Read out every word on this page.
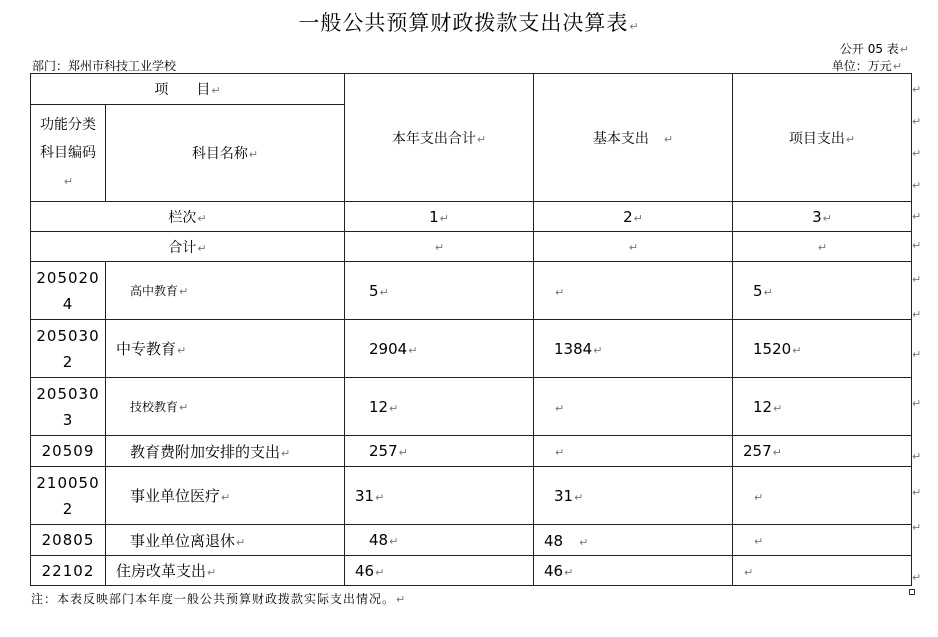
一般公共预算财政拨款支出决算表↵
公开 05 表↵
部门：郑州市科技工业学校	单位：万元↵
项　　目↵		本年支出合计↵	基本支出　 ↵	项目支出↵
功能分类科目编码↵	科目名称↵			
栏次↵		1↵	2↵	3↵
合计↵		↵	↵	↵
205020
4	高中教育↵	5↵	↵	5↵
205030
2	中专教育↵	2904↵	1384↵	1520↵
205030
3	技校教育↵	12↵	↵	12↵
20509	教育费附加安排的支出↵	257↵	↵	257↵
210050
2	事业单位医疗↵	31↵	31↵	↵
20805	事业单位离退休↵	48↵	48　 ↵	↵
22102	住房改革支出↵	46↵	46↵	↵
↵
↵
↵
↵
↵
↵
↵
↵
↵
↵
↵
↵
↵
↵
注：本表反映部门本年度一般公共预算财政拨款实际支出情况。↵
